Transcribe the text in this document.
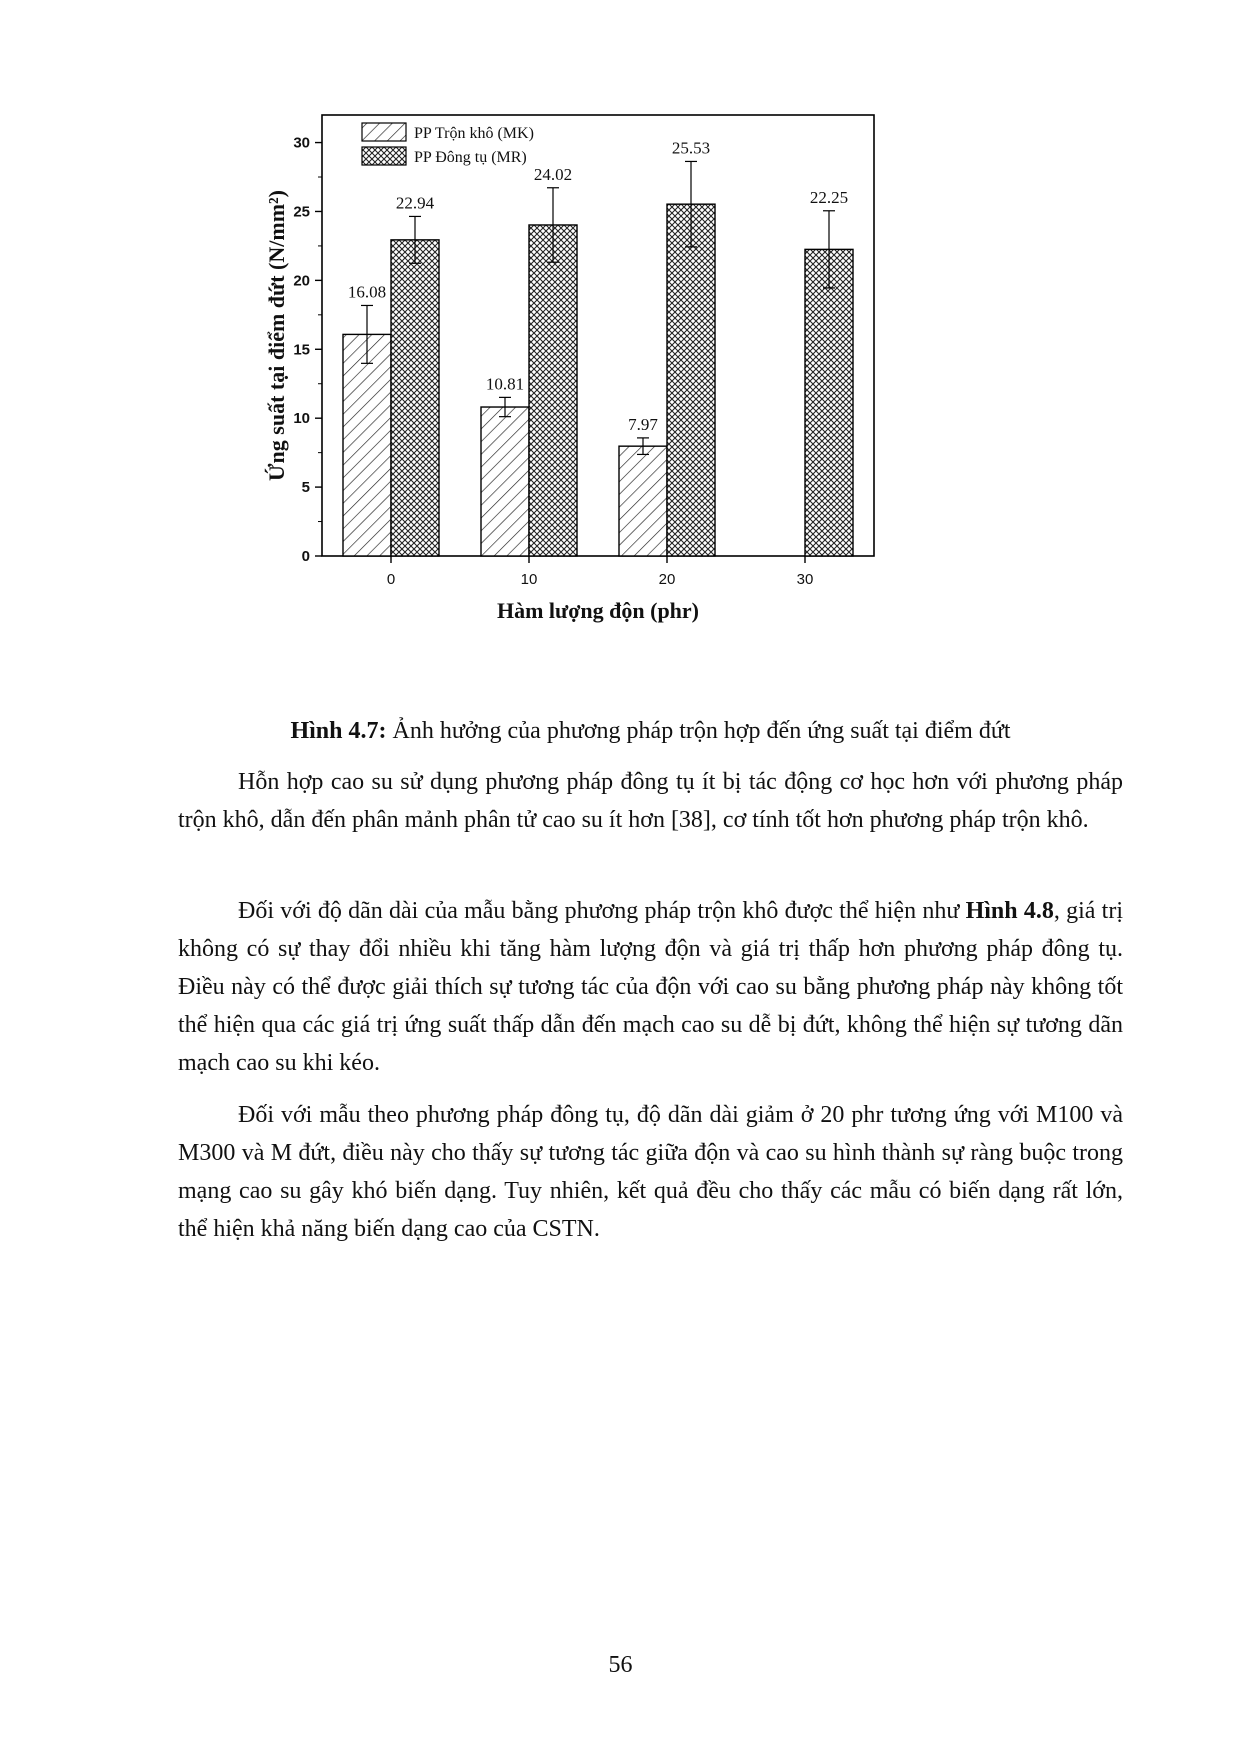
0
5
10
15
20
25
30
0
16.08
22.94
10
10.81
24.02
20
7.97
25.53
30
22.25
PP Trộn khô (MK)
PP Đông tụ (MR)
Hàm lượng độn (phr)
Ứng suất tại điểm đứt (N/mm²)

Hình 4.7: Ảnh hưởng của phương pháp trộn hợp đến ứng suất tại điểm đứt

Hỗn hợp cao su sử dụng phương pháp đông tụ ít bị tác động cơ học hơn với phương pháp trộn khô, dẫn đến phân mảnh phân tử cao su ít hơn [38], cơ tính tốt hơn phương pháp trộn khô.

Đối với độ dãn dài của mẫu bằng phương pháp trộn khô được thể hiện như Hình 4.8, giá trị không có sự thay đổi nhiều khi tăng hàm lượng độn và giá trị thấp hơn phương pháp đông tụ. Điều này có thể được giải thích sự tương tác của độn với cao su bằng phương pháp này không tốt thể hiện qua các giá trị ứng suất thấp dẫn đến mạch cao su dễ bị đứt, không thể hiện sự tương dãn mạch cao su khi kéo.

Đối với mẫu theo phương pháp đông tụ, độ dãn dài giảm ở 20 phr tương ứng với M100 và M300 và M đứt, điều này cho thấy sự tương tác giữa độn và cao su hình thành sự ràng buộc trong mạng cao su gây khó biến dạng. Tuy nhiên, kết quả đều cho thấy các mẫu có biến dạng rất lớn, thể hiện khả năng biến dạng cao của CSTN.

56
